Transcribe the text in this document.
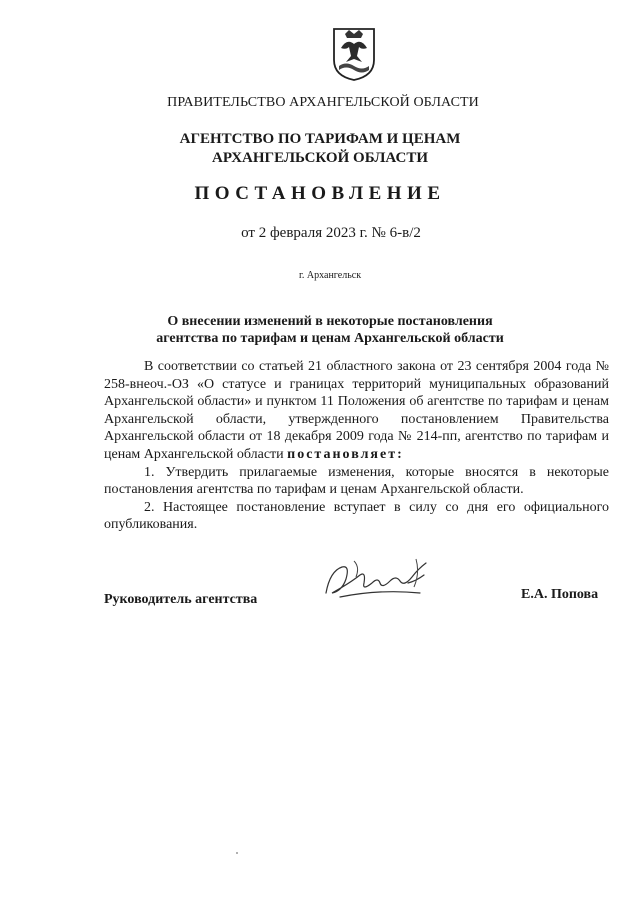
ПРАВИТЕЛЬСТВО АРХАНГЕЛЬСКОЙ ОБЛАСТИ
АГЕНТСТВО ПО ТАРИФАМ И ЦЕНАМ
АРХАНГЕЛЬСКОЙ ОБЛАСТИ
ПОСТАНОВЛЕНИЕ
от 2 февраля 2023 г. № 6-в/2
г. Архангельск
О внесении изменений в некоторые постановления
агентства по тарифам и ценам Архангельской области

В соответствии со статьей 21 областного закона от 23 сентября 2004 года № 258-внеоч.-ОЗ «О статусе и границах территорий муниципальных образований Архангельской области» и пунктом 11 Положения об агентстве по тарифам и ценам Архангельской области, утвержденного постановлением Правительства Архангельской области от 18 декабря 2009 года № 214-пп, агентство по тарифам и ценам Архангельской области постановляет:

1. Утвердить прилагаемые изменения, которые вносятся в некоторые постановления агентства по тарифам и ценам Архангельской области.

2. Настоящее постановление вступает в силу со дня его официального опубликования.

Руководитель агентства	Е.А. Попова
